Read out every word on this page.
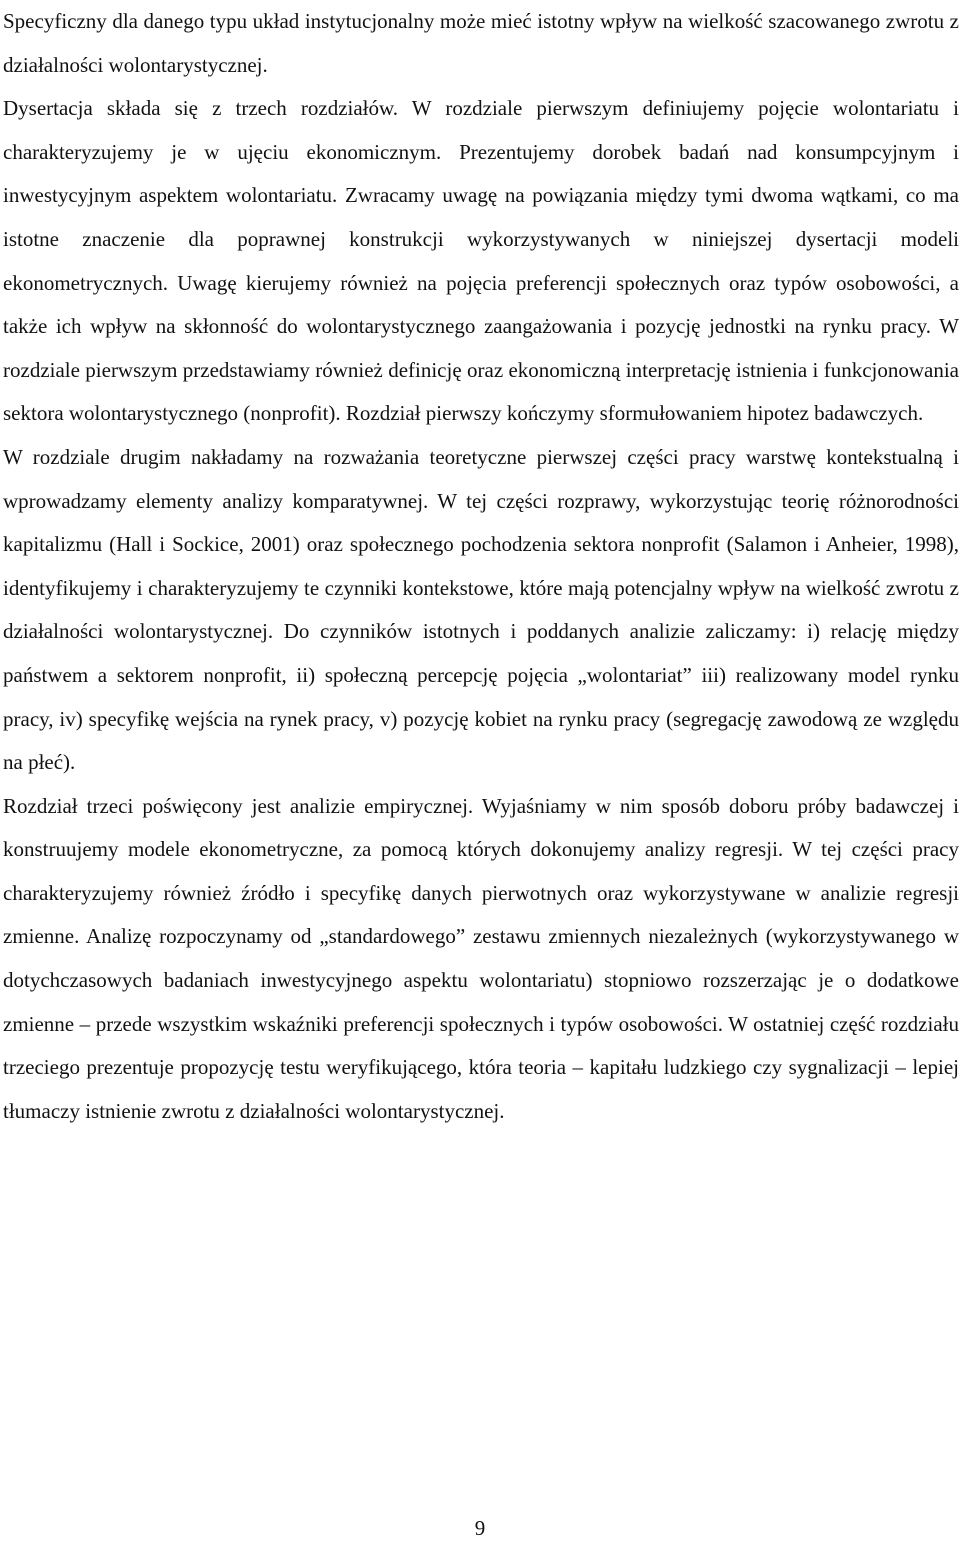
Specyficzny dla danego typu układ instytucjonalny może mieć istotny wpływ na wielkość szacowanego zwrotu z działalności wolontarystycznej.

Dysertacja składa się z trzech rozdziałów. W rozdziale pierwszym definiujemy pojęcie wolontariatu i charakteryzujemy je w ujęciu ekonomicznym. Prezentujemy dorobek badań nad konsumpcyjnym i inwestycyjnym aspektem wolontariatu. Zwracamy uwagę na powiązania między tymi dwoma wątkami, co ma istotne znaczenie dla poprawnej konstrukcji wykorzystywanych w niniejszej dysertacji modeli ekonometrycznych. Uwagę kierujemy również na pojęcia preferencji społecznych oraz typów osobowości, a także ich wpływ na skłonność do wolontarystycznego zaangażowania i pozycję jednostki na rynku pracy. W rozdziale pierwszym przedstawiamy również definicję oraz ekonomiczną interpretację istnienia i funkcjonowania sektora wolontarystycznego (nonprofit). Rozdział pierwszy kończymy sformułowaniem hipotez badawczych.

W rozdziale drugim nakładamy na rozważania teoretyczne pierwszej części pracy warstwę kontekstualną i wprowadzamy elementy analizy komparatywnej. W tej części rozprawy, wykorzystując teorię różnorodności kapitalizmu (Hall i Sockice, 2001) oraz społecznego pochodzenia sektora nonprofit (Salamon i Anheier, 1998), identyfikujemy i charakteryzujemy te czynniki kontekstowe, które mają potencjalny wpływ na wielkość zwrotu z działalności wolontarystycznej. Do czynników istotnych i poddanych analizie zaliczamy: i) relację między państwem a sektorem nonprofit, ii) społeczną percepcję pojęcia „wolontariat” iii) realizowany model rynku pracy, iv) specyfikę wejścia na rynek pracy, v) pozycję kobiet na rynku pracy (segregację zawodową ze względu na płeć).

Rozdział trzeci poświęcony jest analizie empirycznej. Wyjaśniamy w nim sposób doboru próby badawczej i konstruujemy modele ekonometryczne, za pomocą których dokonujemy analizy regresji. W tej części pracy charakteryzujemy również źródło i specyfikę danych pierwotnych oraz wykorzystywane w analizie regresji zmienne. Analizę rozpoczynamy od „standardowego” zestawu zmiennych niezależnych (wykorzystywanego w dotychczasowych badaniach inwestycyjnego aspektu wolontariatu) stopniowo rozszerzając je o dodatkowe zmienne – przede wszystkim wskaźniki preferencji społecznych i typów osobowości. W ostatniej część rozdziału trzeciego prezentuje propozycję testu weryfikującego, która teoria – kapitału ludzkiego czy sygnalizacji – lepiej tłumaczy istnienie zwrotu z działalności wolontarystycznej.

9
